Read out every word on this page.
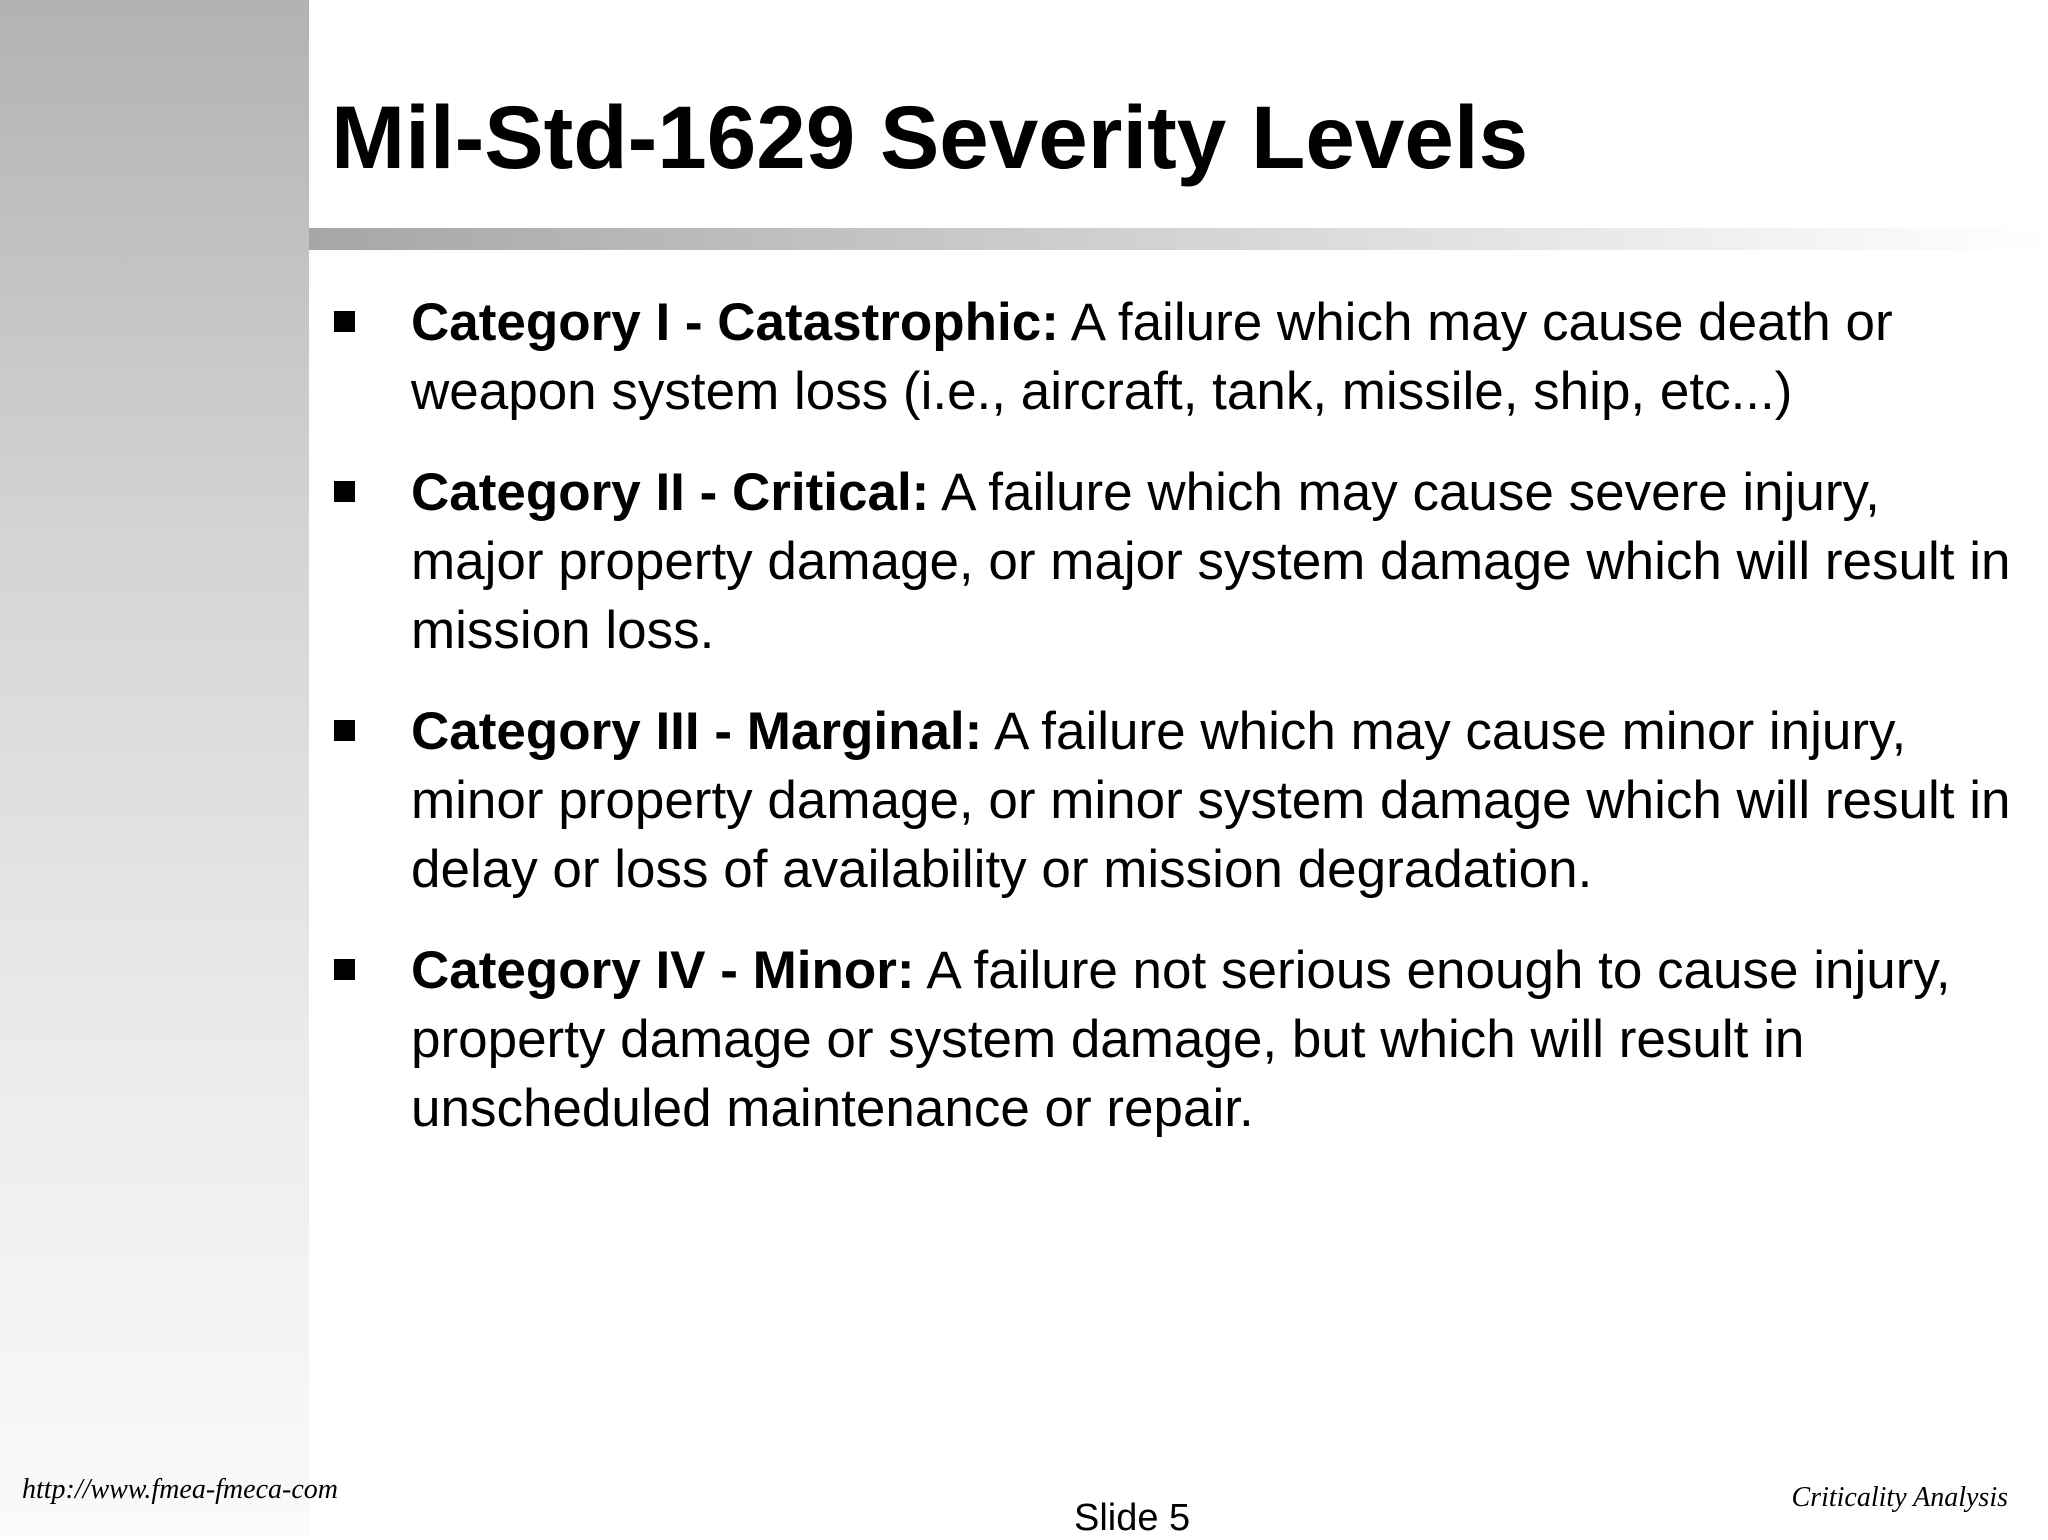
Mil-Std-1629 Severity Levels
Category I - Catastrophic: A failure which may cause death or weapon system loss (i.e., aircraft, tank, missile, ship, etc...)
Category II - Critical: A failure which may cause severe injury, major property damage, or major system damage which will result in mission loss.
Category III - Marginal: A failure which may cause minor injury, minor property damage, or minor system damage which will result in delay or loss of availability or mission degradation.
Category IV - Minor: A failure not serious enough to cause injury, property damage or system damage, but which will result in unscheduled maintenance or repair.
http://www.fmea-fmeca-com
Slide 5	Criticality Analysis
